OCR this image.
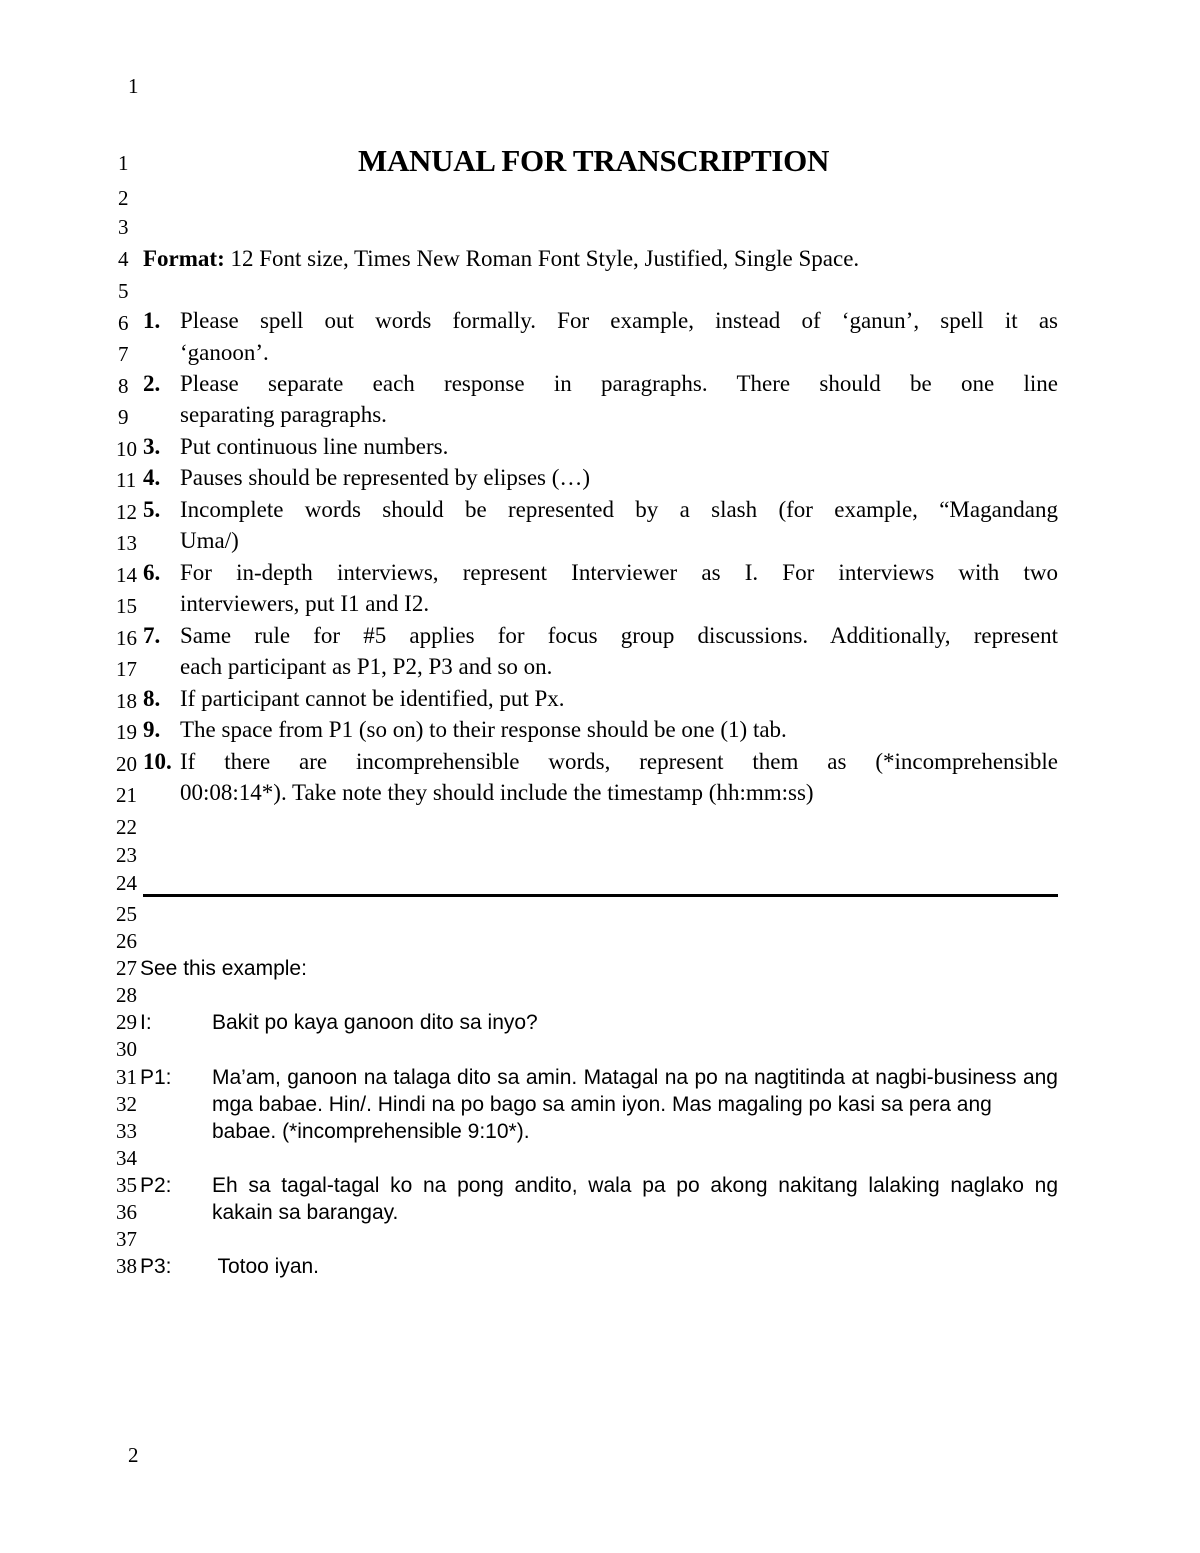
1
1
2
3
4
5
6
7
8
9
10
11
12
13
14
15
16
17
18
19
20
21
22
23
24
25
26
27
28
29
30
31
32
33
34
35
36
37
38
MANUAL FOR TRANSCRIPTION
Format: 12 Font size, Times New Roman Font Style, Justified, Single Space.
1. Please spell out words formally. For example, instead of ‘ganun’, spell it as
‘ganoon’.
2. Please separate each response in paragraphs. There should be one line
separating paragraphs.
3. Put continuous line numbers.
4. Pauses should be represented by elipses (…)
5. Incomplete words should be represented by a slash (for example, “Magandang
Uma/)
6. For in-depth interviews, represent Interviewer as I. For interviews with two
interviewers, put I1 and I2.
7. Same rule for #5 applies for focus group discussions. Additionally, represent
each participant as P1, P2, P3 and so on.
8. If participant cannot be identified, put Px.
9. The space from P1 (so on) to their response should be one (1) tab.
10. If there are incomprehensible words, represent them as (*incomprehensible
00:08:14*). Take note they should include the timestamp (hh:mm:ss)
See this example:
I:	Bakit po kaya ganoon dito sa inyo?
P1: Ma’am, ganoon na talaga dito sa amin. Matagal na po na nagtitinda at nagbi-business ang
mga babae. Hin/. Hindi na po bago sa amin iyon. Mas magaling po kasi sa pera ang
babae. (*incomprehensible 9:10*).
P2: Eh sa tagal-tagal ko na pong andito, wala pa po akong nakitang lalaking naglako ng
kakain sa barangay.
P3: Totoo iyan.
2
